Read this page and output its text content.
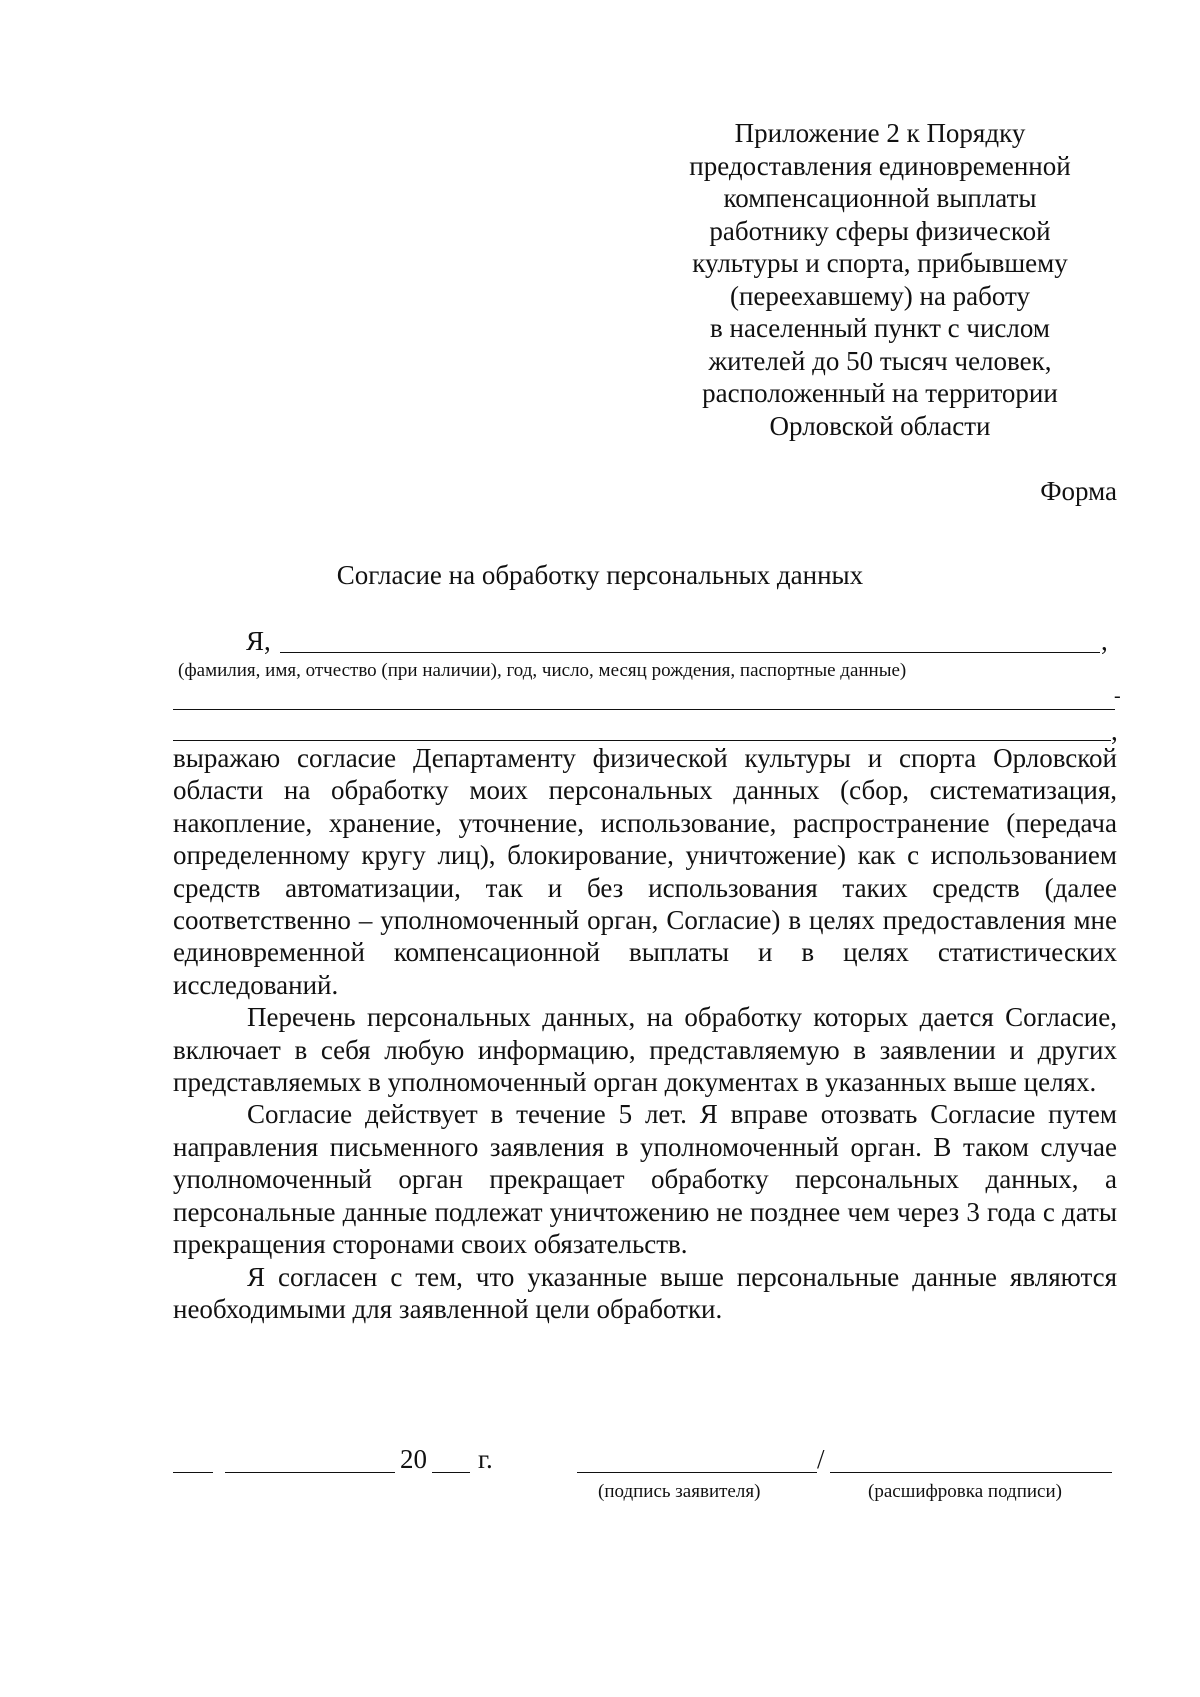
Приложение 2 к Порядку
предоставления единовременной
компенсационной выплаты
работнику сферы физической
культуры и спорта, прибывшему
(переехавшему) на работу
в населенный пункт с числом
жителей до 50 тысяч человек,
расположенный на территории
Орловской области
Форма
Согласие на обработку персональных данных
Я,	,
(фамилия, имя, отчество (при наличии), год, число, месяц рождения, паспортные данные)
-
,

выражаю согласие Департаменту физической культуры и спорта Орловской области на обработку моих персональных данных (сбор, систематизация, накопление, хранение, уточнение, использование, распространение (передача определенному кругу лиц), блокирование, уничтожение) как с использованием средств автоматизации, так и без использования таких средств (далее соответственно – уполномоченный орган, Согласие) в целях предоставления мне единовременной компенсационной выплаты и в целях статистических исследований.

Перечень персональных данных, на обработку которых дается Согласие, включает в себя любую информацию, представляемую в заявлении и других представляемых в уполномоченный орган документах в указанных выше целях.

Согласие действует в течение 5 лет. Я вправе отозвать Согласие путем направления письменного заявления в уполномоченный орган. В таком случае уполномоченный орган прекращает обработку персональных данных, а персональные данные подлежат уничтожению не позднее чем через 3 года с даты прекращения сторонами своих обязательств.

Я согласен с тем, что указанные выше персональные данные являются необходимыми для заявленной цели обработки.

20 г.	/
(подпись заявителя)	(расшифровка подписи)
